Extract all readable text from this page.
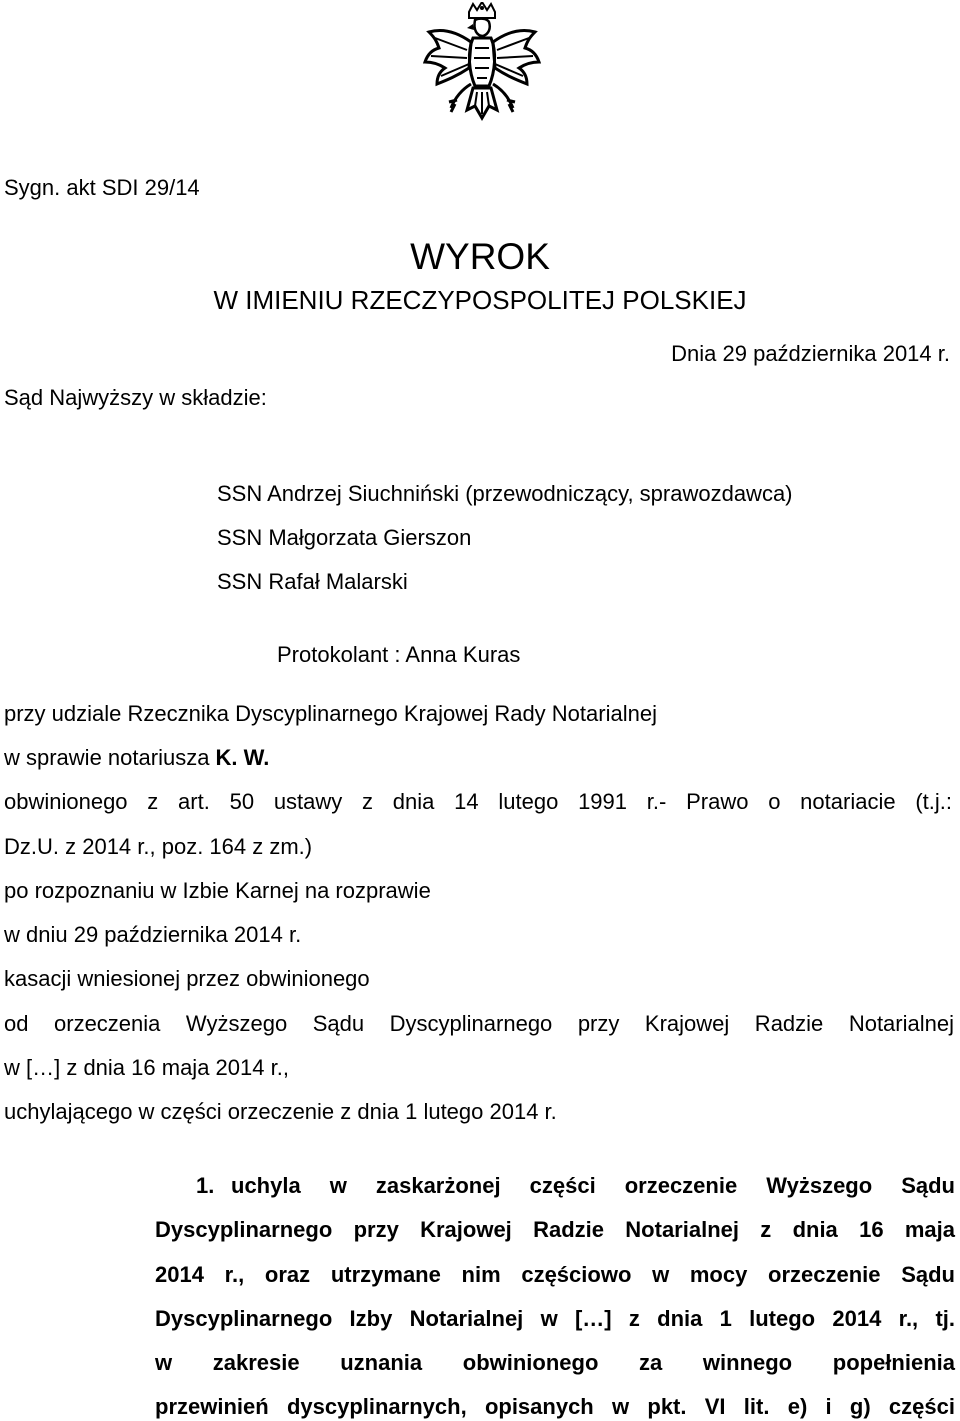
Sygn. akt SDI 29/14
WYROK
W IMIENIU RZECZYPOSPOLITEJ POLSKIEJ
Dnia 29 października 2014 r.
Sąd Najwyższy w składzie:
SSN Andrzej Siuchniński (przewodniczący, sprawozdawca)
SSN Małgorzata Gierszon
SSN Rafał Malarski
Protokolant : Anna Kuras
przy udziale Rzecznika Dyscyplinarnego Krajowej Rady Notarialnej
w sprawie notariusza K. W.
obwinionego z art. 50 ustawy z dnia 14 lutego 1991 r.- Prawo o notariacie (t.j.:
Dz.U. z 2014 r., poz. 164 z zm.)
po rozpoznaniu w Izbie Karnej na rozprawie
w dniu 29 października 2014 r.
kasacji wniesionej przez obwinionego
od orzeczenia Wyższego Sądu Dyscyplinarnego przy Krajowej Radzie Notarialnej
w […] z dnia 16 maja 2014 r.,
uchylającego w części orzeczenie z dnia 1 lutego 2014 r.
1. uchyla w zaskarżonej części orzeczenie Wyższego Sądu
Dyscyplinarnego przy Krajowej Radzie Notarialnej z dnia 16 maja
2014 r., oraz utrzymane nim częściowo w mocy orzeczenie Sądu
Dyscyplinarnego Izby Notarialnej w […] z dnia 1 lutego 2014 r., tj.
w zakresie uznania obwinionego za winnego popełnienia
przewinień dyscyplinarnych, opisanych w pkt. VI lit. e) i g) części
